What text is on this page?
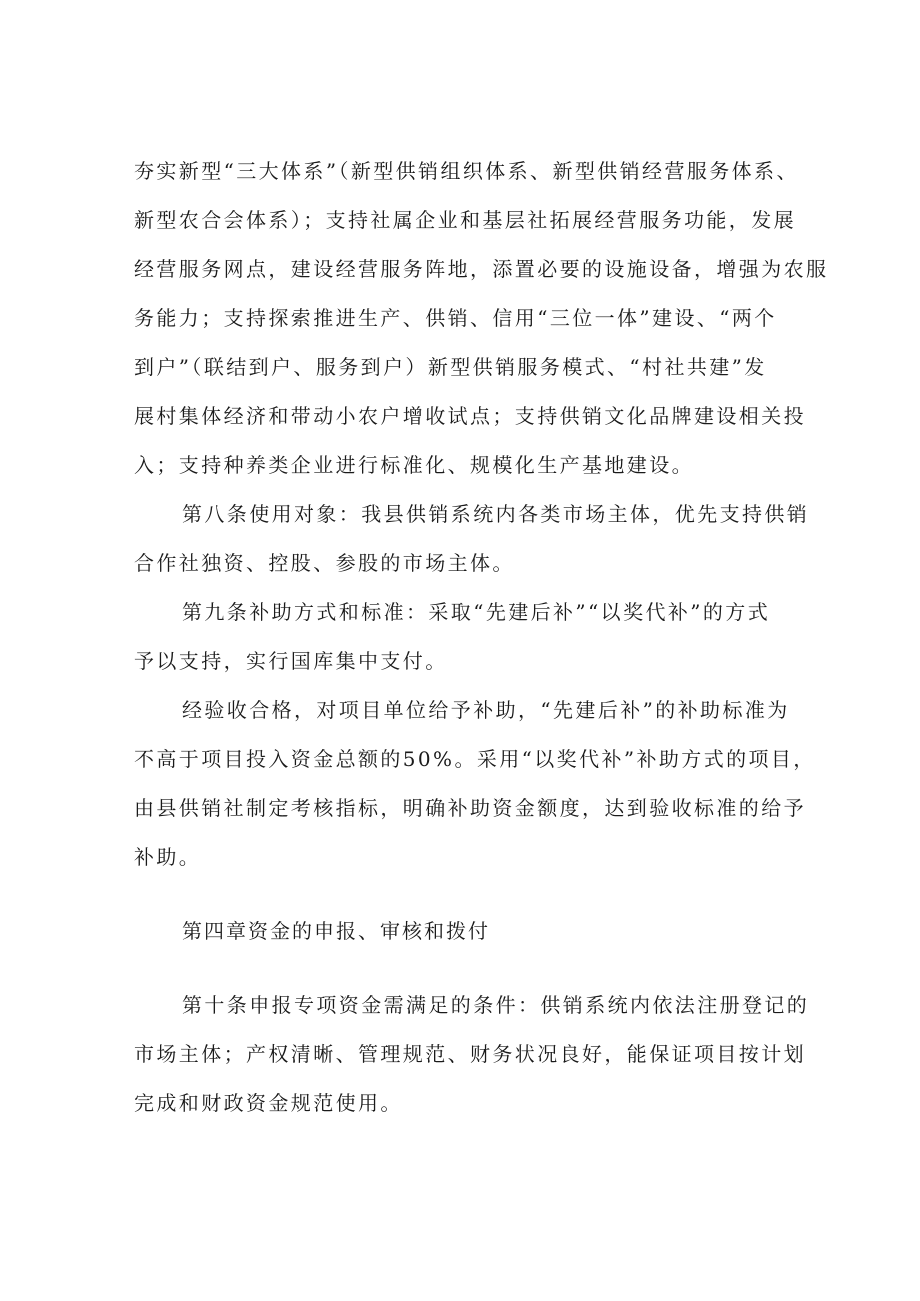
夯实新型“三大体系”（新型供销组织体系、新型供销经营服务体系、
新型农合会体系）；支持社属企业和基层社拓展经营服务功能，发展
经营服务网点，建设经营服务阵地，添置必要的设施设备，增强为农服
务能力；支持探索推进生产、供销、信用“三位一体”建设、“两个
到户”（联结到户、服务到户）新型供销服务模式、“村社共建”发
展村集体经济和带动小农户增收试点；支持供销文化品牌建设相关投
入；支持种养类企业进行标准化、规模化生产基地建设。
第八条使用对象：我县供销系统内各类市场主体，优先支持供销
合作社独资、控股、参股的市场主体。
第九条补助方式和标准：采取“先建后补”“以奖代补”的方式
予以支持，实行国库集中支付。
经验收合格，对项目单位给予补助，“先建后补”的补助标准为
不高于项目投入资金总额的50%。采用“以奖代补”补助方式的项目，
由县供销社制定考核指标，明确补助资金额度，达到验收标准的给予
补助。
第四章资金的申报、审核和拨付
第十条申报专项资金需满足的条件：供销系统内依法注册登记的
市场主体；产权清晰、管理规范、财务状况良好，能保证项目按计划
完成和财政资金规范使用。
